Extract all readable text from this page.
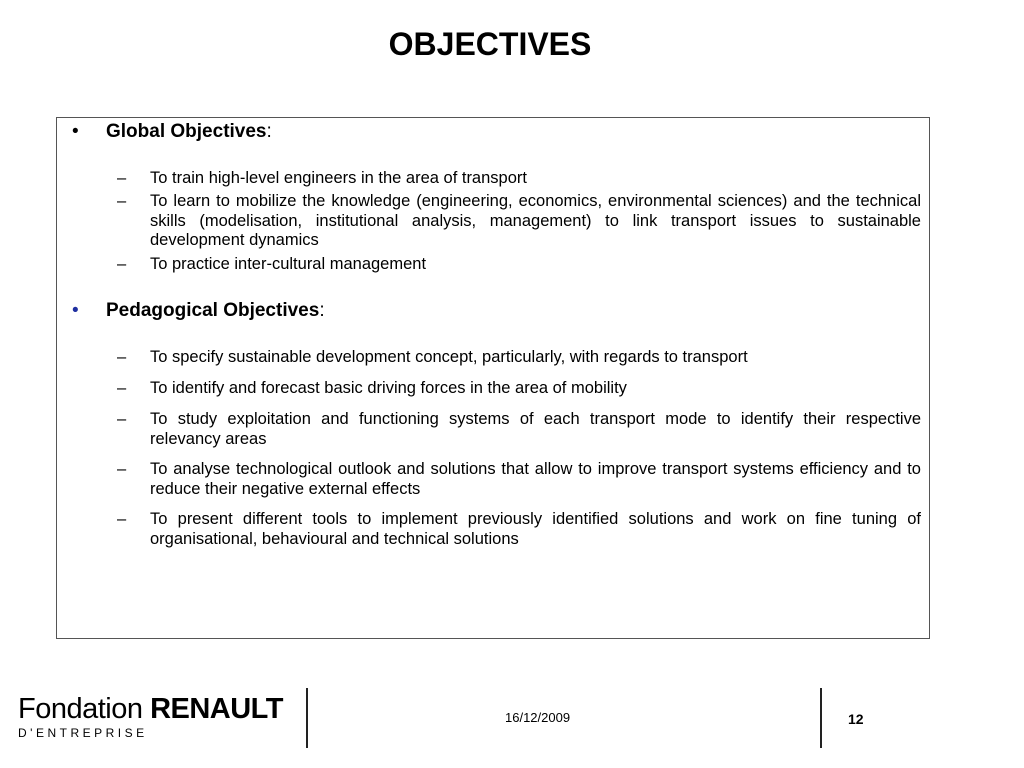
OBJECTIVES
•	Global Objectives:
– To train high-level engineers in the area of transport
– To learn to mobilize the knowledge (engineering, economics, environmental sciences) and the technical skills (modelisation, institutional analysis, management) to link transport issues to sustainable development dynamics
– To practice inter-cultural management
•	Pedagogical Objectives:
– To specify sustainable development concept, particularly, with regards to transport
– To identify and forecast basic driving forces in the area of mobility
– To study exploitation and functioning systems of each transport mode to identify their respective relevancy areas
– To analyse technological outlook and solutions that allow to improve transport systems efficiency and to reduce their negative external effects
– To present different tools to implement previously identified solutions and work on fine tuning of organisational, behavioural and technical solutions
Fondation RENAULT
D'ENTREPRISE
16/12/2009	12
